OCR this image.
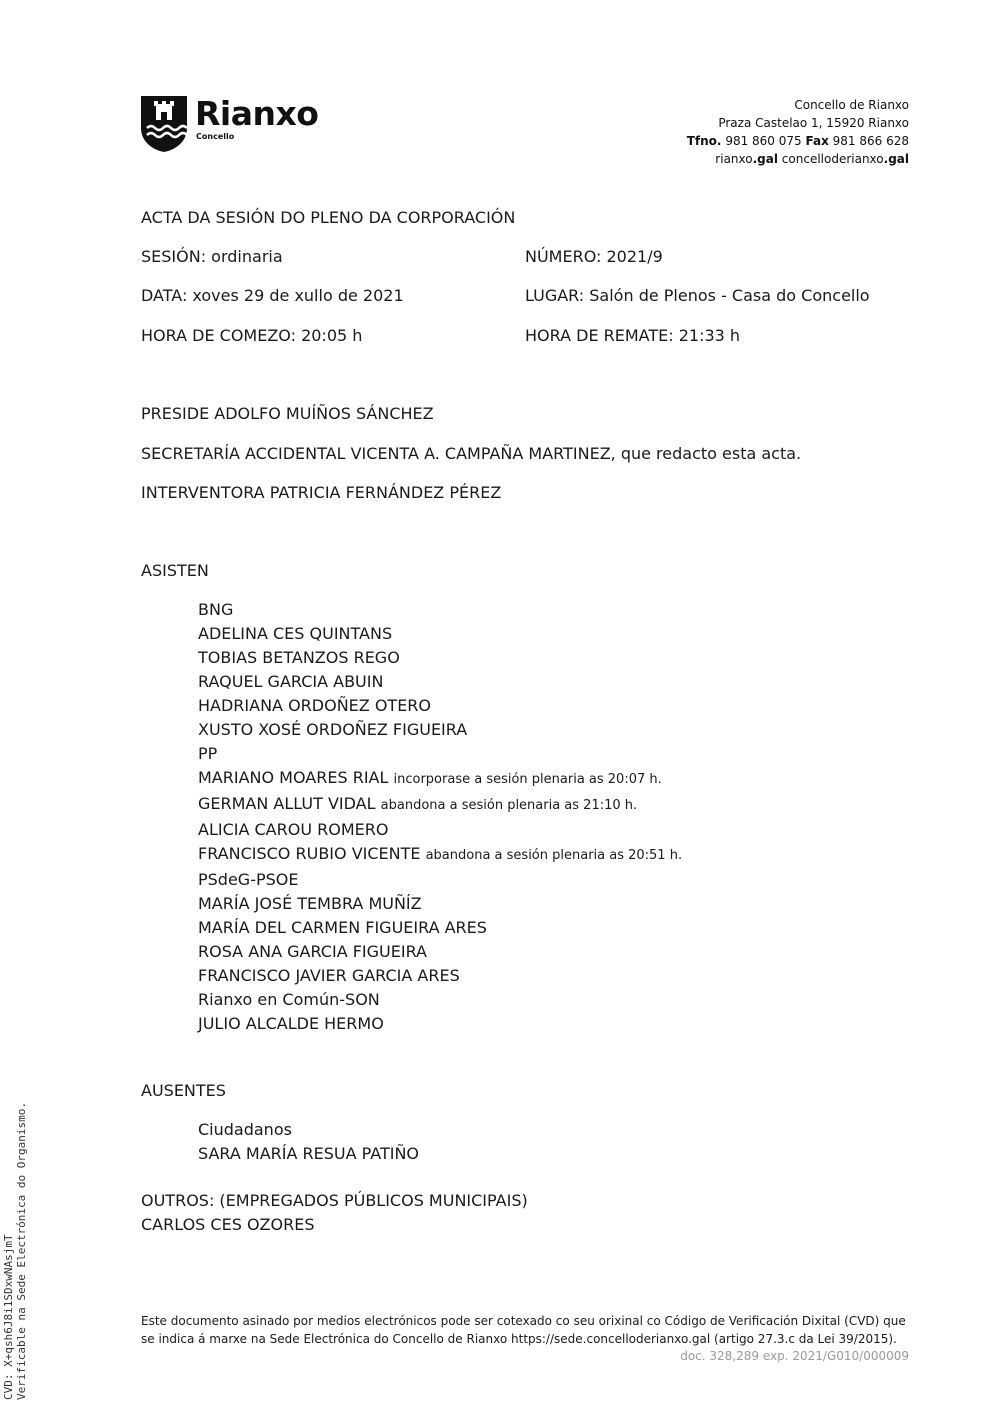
Rianxo
Concello
Concello de Rianxo
Praza Castelao 1, 15920 Rianxo
Tfno. 981 860 075 Fax 981 866 628
rianxo.gal concelloderianxo.gal
ACTA DA SESIÓN DO PLENO DA CORPORACIÓN
SESIÓN: ordinaria	NÚMERO: 2021/9
DATA: xoves 29 de xullo de 2021	LUGAR: Salón de Plenos - Casa do Concello
HORA DE COMEZO: 20:05 h	HORA DE REMATE: 21:33 h
PRESIDE ADOLFO MUÍÑOS SÁNCHEZ
SECRETARÍA ACCIDENTAL VICENTA A. CAMPAÑA MARTINEZ, que redacto esta acta.
INTERVENTORA PATRICIA FERNÁNDEZ PÉREZ
ASISTEN
BNG
ADELINA CES QUINTANS
TOBIAS BETANZOS REGO
RAQUEL GARCIA ABUIN
HADRIANA ORDOÑEZ OTERO
XUSTO XOSÉ ORDOÑEZ FIGUEIRA
PP
MARIANO MOARES RIAL incorporase a sesión plenaria as 20:07 h.
GERMAN ALLUT VIDAL abandona a sesión plenaria as 21:10 h.
ALICIA CAROU ROMERO
FRANCISCO RUBIO VICENTE abandona a sesión plenaria as 20:51 h.
PSdeG-PSOE
MARÍA JOSÉ TEMBRA MUÑÍZ
MARÍA DEL CARMEN FIGUEIRA ARES
ROSA ANA GARCIA FIGUEIRA
FRANCISCO JAVIER GARCIA ARES
Rianxo en Común-SON
JULIO ALCALDE HERMO
AUSENTES
Ciudadanos
SARA MARÍA RESUA PATIÑO
OUTROS: (EMPREGADOS PÚBLICOS MUNICIPAIS)
CARLOS CES OZORES
Este documento asinado por medios electrónicos pode ser cotexado co seu orixinal co Código de Verificación Dixital (CVD) que
se indica á marxe na Sede Electrónica do Concello de Rianxo https://sede.concelloderianxo.gal (artigo 27.3.c da Lei 39/2015).
doc. 328,289 exp. 2021/G010/000009
CVD: X+qsh6J8i1SDxwNAsjmT Verificable na Sede Electrónica do Organismo.
